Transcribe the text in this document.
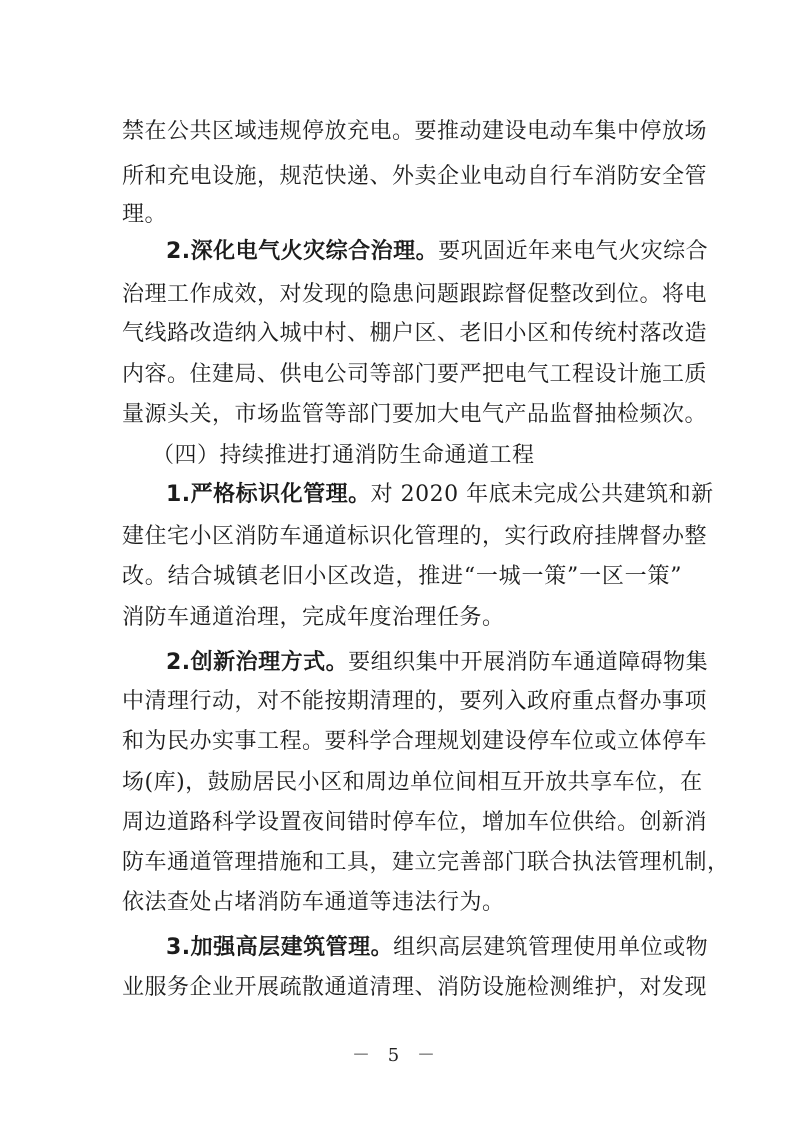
禁在公共区域违规停放充电。要推动建设电动车集中停放场
所和充电设施，规范快递、外卖企业电动自行车消防安全管
理。
2.深化电气火灾综合治理。要巩固近年来电气火灾综合
治理工作成效，对发现的隐患问题跟踪督促整改到位。将电
气线路改造纳入城中村、棚户区、老旧小区和传统村落改造
内容。住建局、供电公司等部门要严把电气工程设计施工质
量源头关，市场监管等部门要加大电气产品监督抽检频次。
（四）持续推进打通消防生命通道工程
1.严格标识化管理。对 2020 年底未完成公共建筑和新
建住宅小区消防车通道标识化管理的，实行政府挂牌督办整
改。结合城镇老旧小区改造，推进“一城一策”一区一策”
消防车通道治理，完成年度治理任务。
2.创新治理方式。要组织集中开展消防车通道障碍物集
中清理行动，对不能按期清理的，要列入政府重点督办事项
和为民办实事工程。要科学合理规划建设停车位或立体停车
场(库)，鼓励居民小区和周边单位间相互开放共享车位，在
周边道路科学设置夜间错时停车位，增加车位供给。创新消
防车通道管理措施和工具，建立完善部门联合执法管理机制，
依法查处占堵消防车通道等违法行为。
3.加强高层建筑管理。组织高层建筑管理使用单位或物
业服务企业开展疏散通道清理、消防设施检测维护，对发现
－ 5 －
